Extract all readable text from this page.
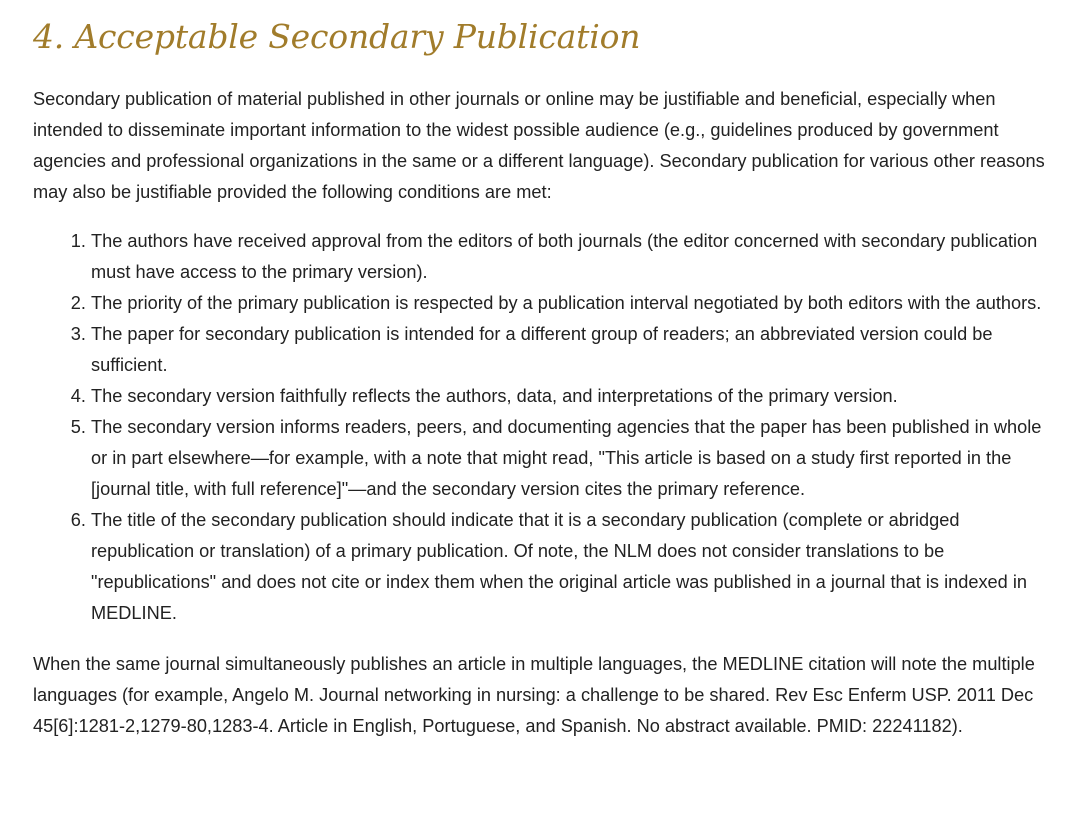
4. Acceptable Secondary Publication

Secondary publication of material published in other journals or online may be justifiable and beneficial, especially when intended to disseminate important information to the widest possible audience (e.g., guidelines produced by government agencies and professional organizations in the same or a different language). Secondary publication for various other reasons may also be justifiable provided the following conditions are met:

1. The authors have received approval from the editors of both journals (the editor concerned with secondary publication must have access to the primary version).
2. The priority of the primary publication is respected by a publication interval negotiated by both editors with the authors.
3. The paper for secondary publication is intended for a different group of readers; an abbreviated version could be sufficient.
4. The secondary version faithfully reflects the authors, data, and interpretations of the primary version.
5. The secondary version informs readers, peers, and documenting agencies that the paper has been published in whole or in part elsewhere—for example, with a note that might read, "This article is based on a study first reported in the [journal title, with full reference]"—and the secondary version cites the primary reference.
6. The title of the secondary publication should indicate that it is a secondary publication (complete or abridged republication or translation) of a primary publication. Of note, the NLM does not consider translations to be "republications" and does not cite or index them when the original article was published in a journal that is indexed in MEDLINE.

When the same journal simultaneously publishes an article in multiple languages, the MEDLINE citation will note the multiple languages (for example, Angelo M. Journal networking in nursing: a challenge to be shared. Rev Esc Enferm USP. 2011 Dec 45[6]:1281-2,1279-80,1283-4. Article in English, Portuguese, and Spanish. No abstract available. PMID: 22241182).
